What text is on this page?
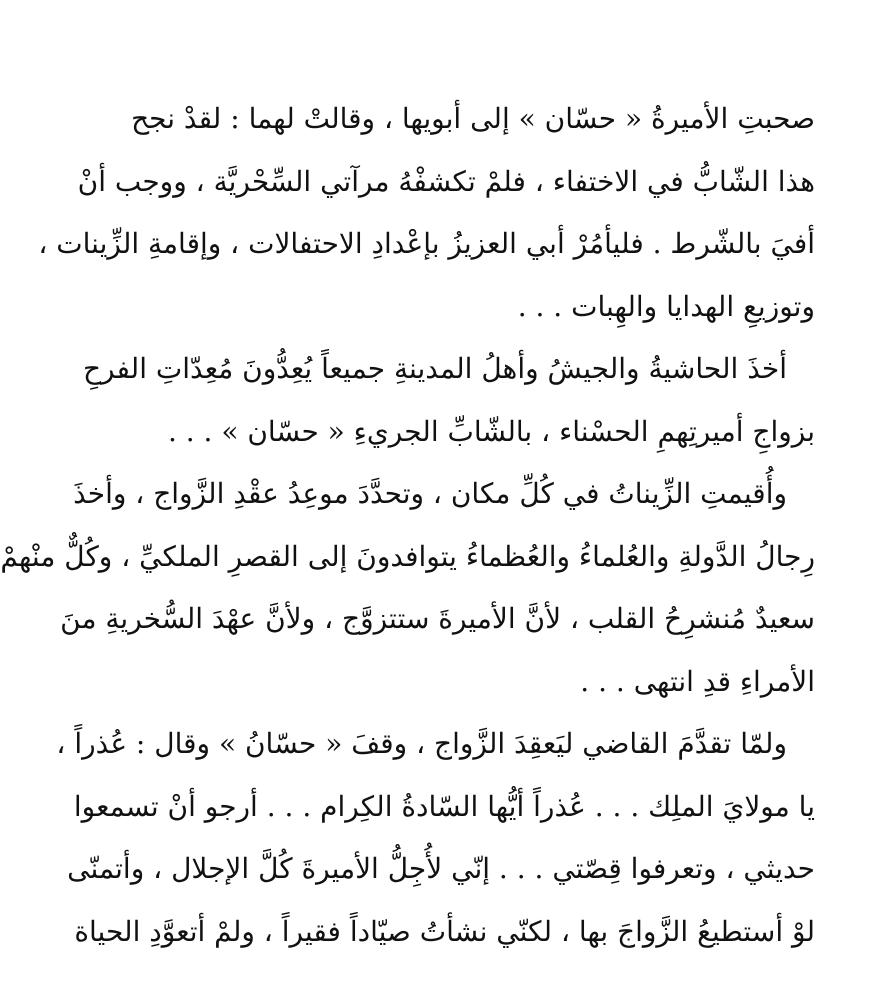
صحبتِ الأميرةُ « حسّان » إلى أبويها ، وقالتْ لهما : لقدْ نجح
هذا الشّابُّ في الاختفاء ، فلمْ تكشفْهُ مرآتي السِّحْريَّة ، ووجب أنْ
أفيَ بالشّرط . فليأمُرْ أبي العزيزُ بإعْدادِ الاحتفالات ، وإقامةِ الزِّينات ،
وتوزيعِ الهدايا والهِبات . . .
أخذَ الحاشيةُ والجيشُ وأهلُ المدينةِ جميعاً يُعِدُّونَ مُعِدّاتِ الفرحِ
بزواجِ أميرتِهمِ الحسْناء ، بالشّابِّ الجريءِ « حسّان » . . .
وأُقيمتِ الزِّيناتُ في كُلِّ مكان ، وتحدَّدَ موعِدُ عقْدِ الزَّواج ، وأخذَ
رِجالُ الدَّولةِ والعُلماءُ والعُظماءُ يتوافدونَ إلى القصرِ الملكيِّ ، وكُلٌّ منْهمْ
سعيدٌ مُنشرِحُ القلب ، لأنَّ الأميرةَ ستتزوَّج ، ولأنَّ عهْدَ السُّخريةِ منَ
الأمراءِ قدِ انتهى . . .
ولمّا تقدَّمَ القاضي ليَعقِدَ الزَّواج ، وقفَ « حسّانُ » وقال : عُذراً ،
يا مولايَ الملِك . . . عُذراً أيُّها السّادةُ الكِرام . . . أرجو أنْ تسمعوا
حديثي ، وتعرفوا قِصّتي . . . إنّي لأُجِلُّ الأميرةَ كُلَّ الإجلال ، وأتمنّى
لوْ أستطيعُ الزَّواجَ بها ، لكنّي نشأتُ صيّاداً فقيراً ، ولمْ أتعوَّدِ الحياة
